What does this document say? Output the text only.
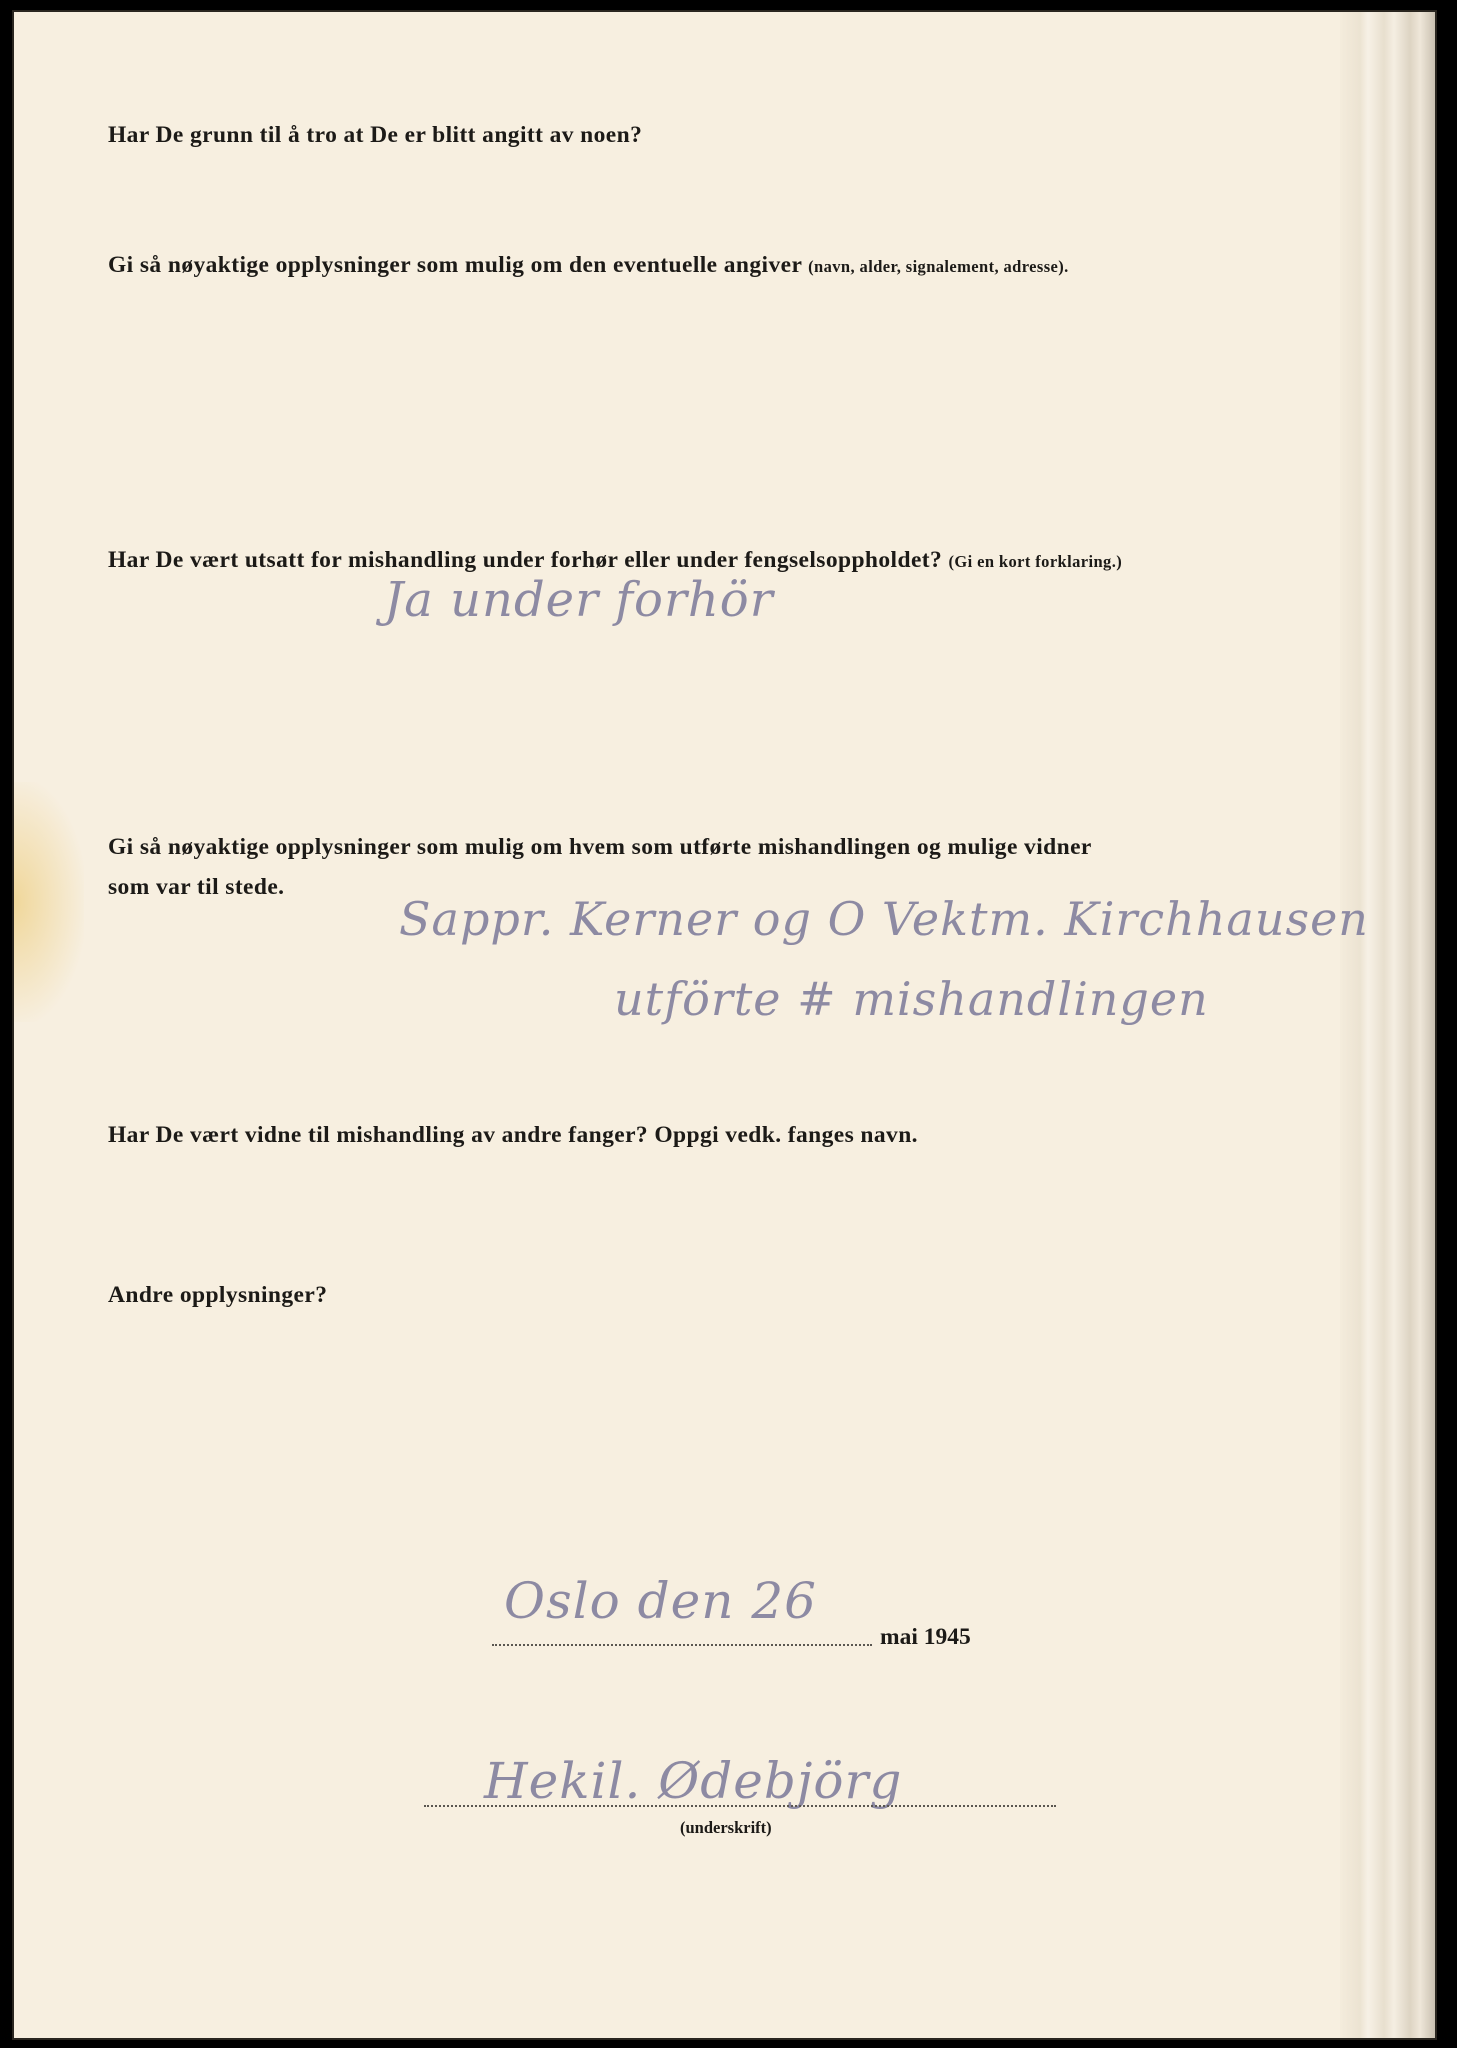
Har De grunn til å tro at De er blitt angitt av noen?

Gi så nøyaktige opplysninger som mulig om den eventuelle angiver (navn, alder, signalement, adresse).

Har De vært utsatt for mishandling under forhør eller under fengselsoppholdet? (Gi en kort forklaring.)

Ja under forhör

Gi så nøyaktige opplysninger som mulig om hvem som utførte mishandlingen og mulige vidner

som var til stede.

Sappr. Kerner og O Vektm. Kirchhausen
utförte # mishandlingen

Har De vært vidne til mishandling av andre fanger? Oppgi vedk. fanges navn.

Andre opplysninger?

Oslo den 26
mai 1945
Hekil. Ødebjörg
(underskrift)
